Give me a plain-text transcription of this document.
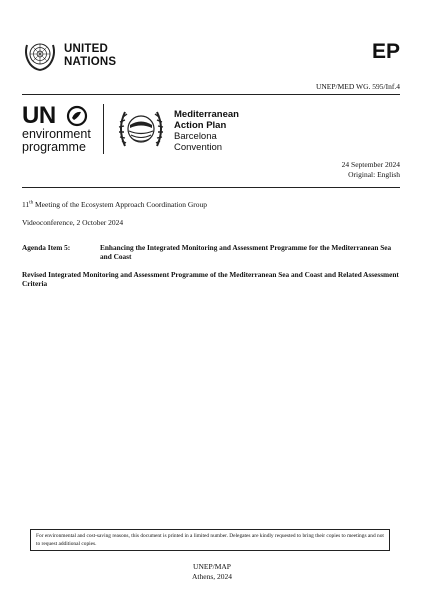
UNITED
NATIONS	EP
UNEP/MED WG. 595/Inf.4
UN
environment
programme
Mediterranean
Action Plan
Barcelona
Convention
24 September 2024
Original: English
11th Meeting of the Ecosystem Approach Coordination Group
Videoconference, 2 October 2024
Agenda Item 5:	Enhancing the Integrated Monitoring and Assessment Programme for the Mediterranean Sea and Coast
Revised Integrated Monitoring and Assessment Programme of the Mediterranean Sea and Coast and Related Assessment Criteria
For environmental and cost-saving reasons, this document is printed in a limited number. Delegates are kindly requested to bring their copies to meetings and not to request additional copies.
UNEP/MAP
Athens, 2024
